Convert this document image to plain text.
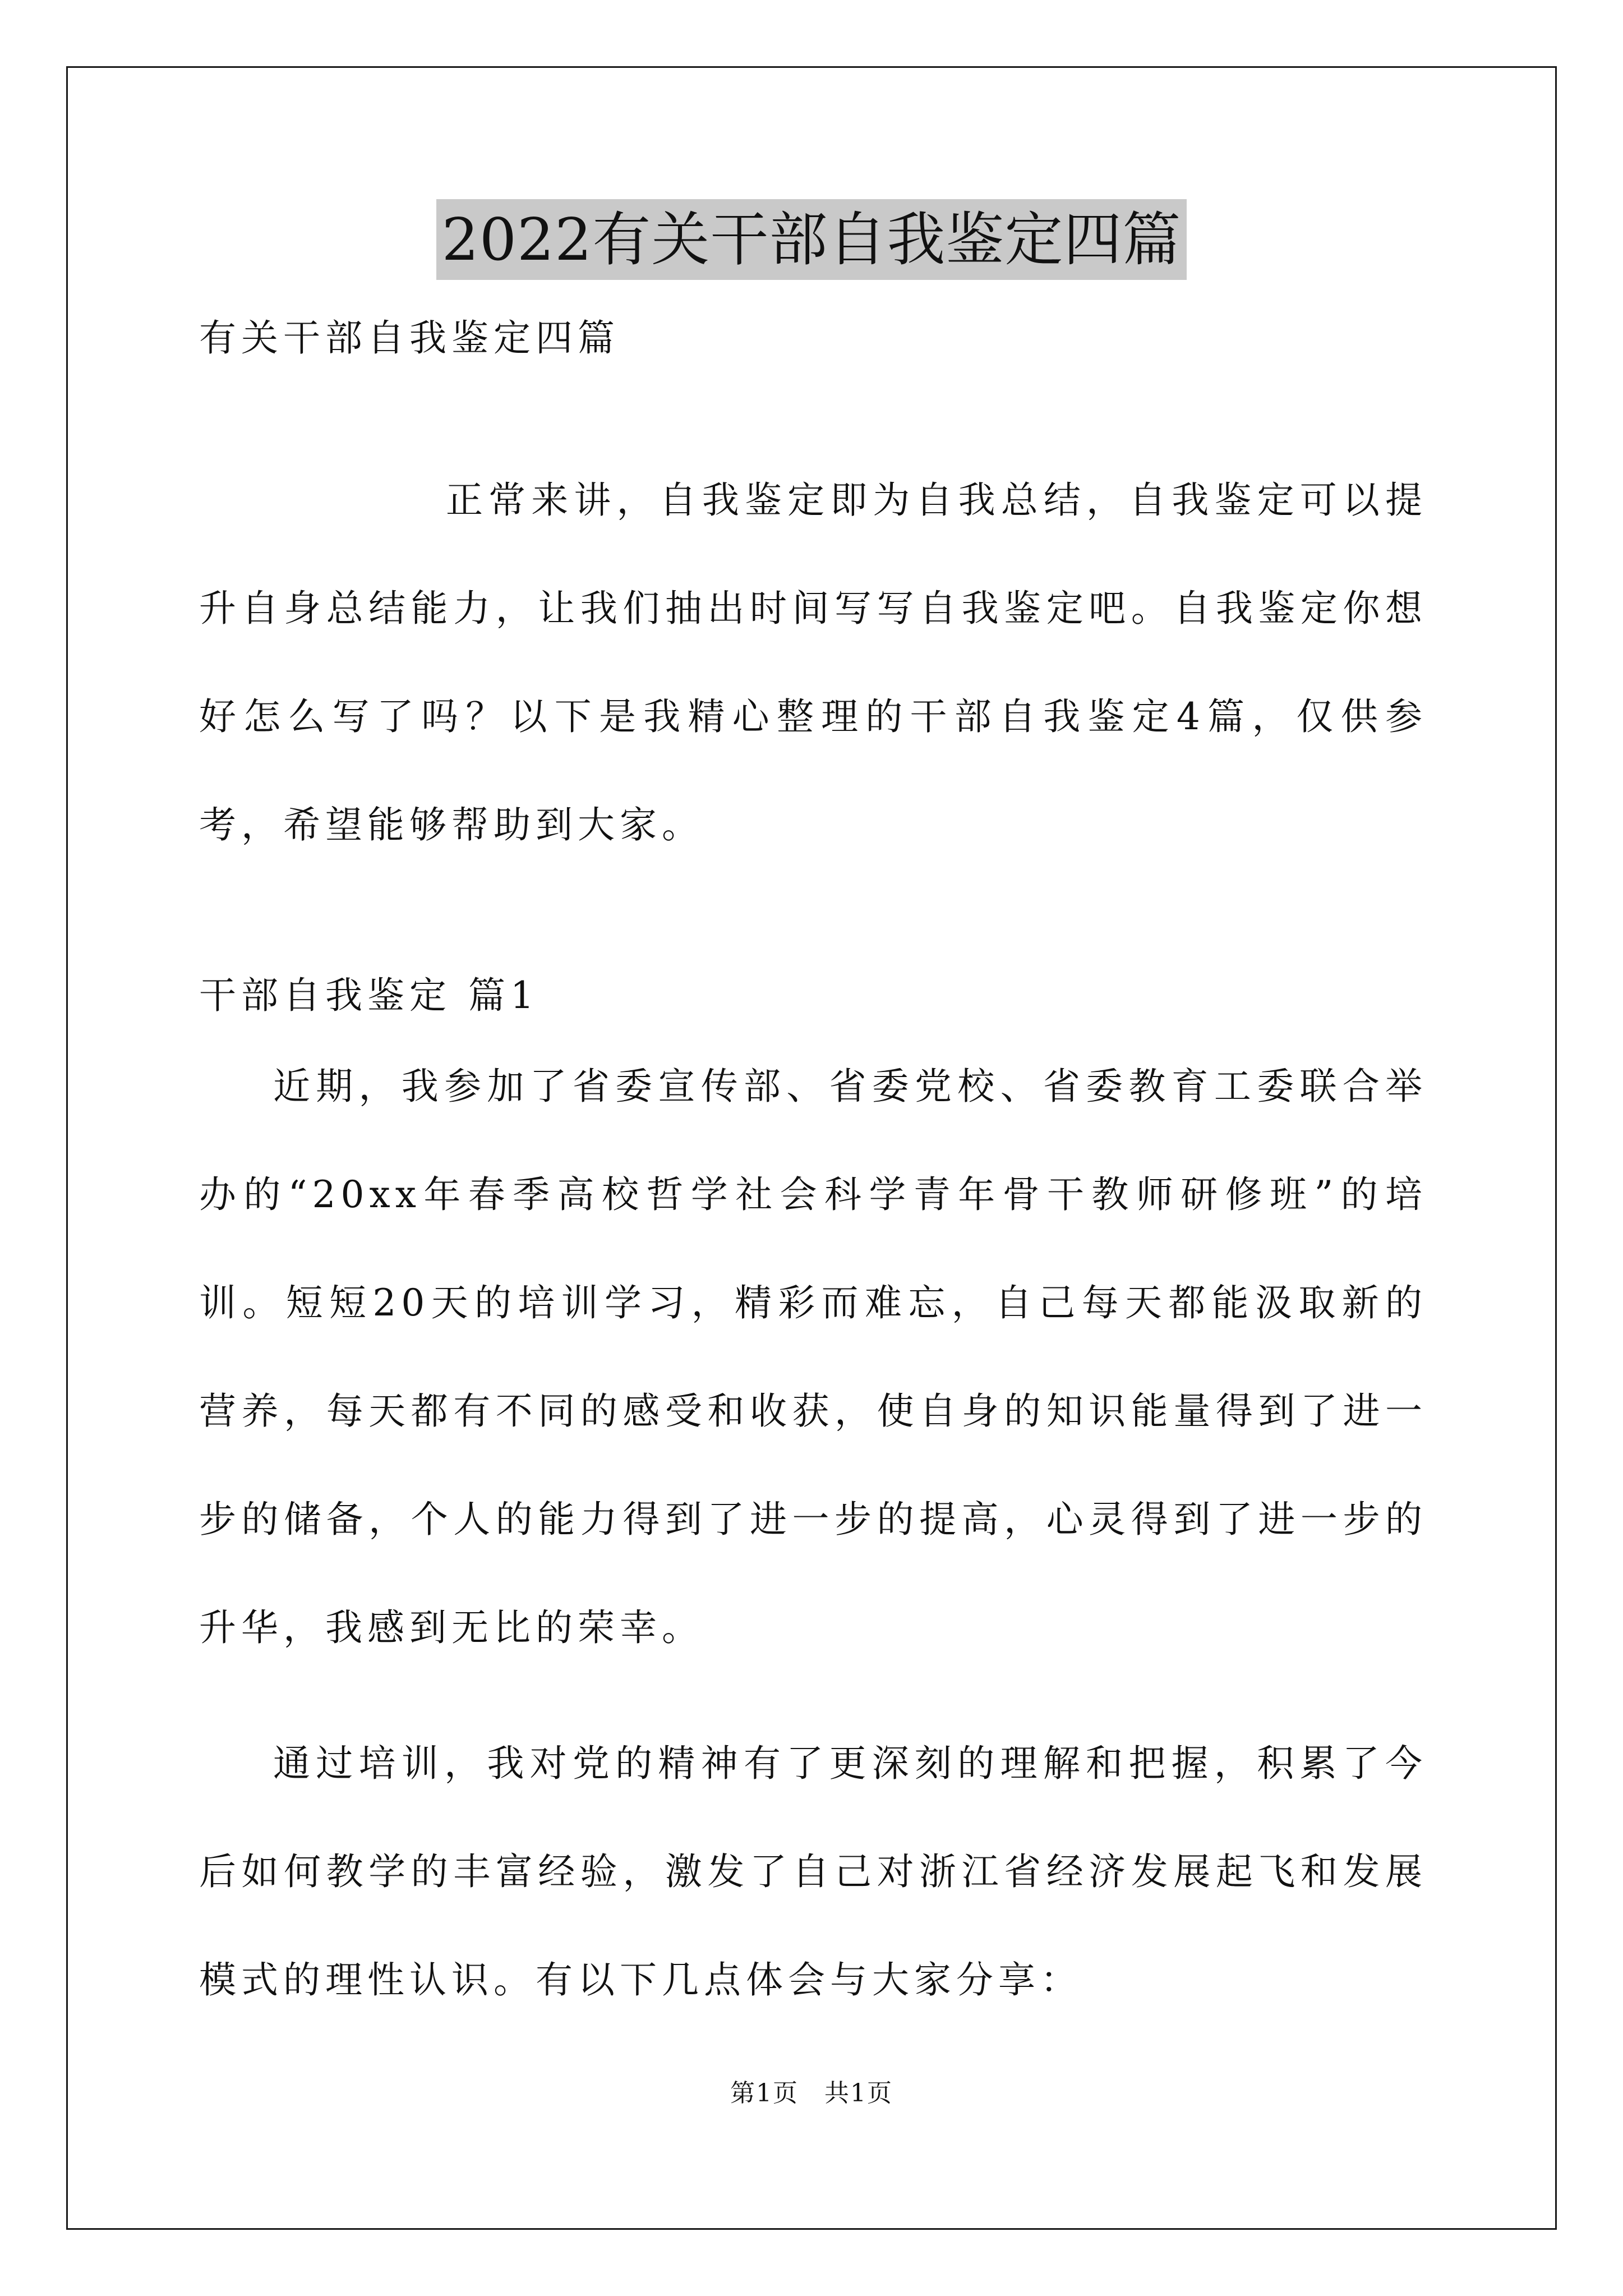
2022有关干部自我鉴定四篇
有关干部自我鉴定四篇
正常来讲，自我鉴定即为自我总结，自我鉴定可以提升自身总结能力，让我们抽出时间写写自我鉴定吧。自我鉴定你想好怎么写了吗？以下是我精心整理的干部自我鉴定4篇，仅供参考，希望能够帮助到大家。
干部自我鉴定 篇1
近期，我参加了省委宣传部、省委党校、省委教育工委联合举办的“20xx年春季高校哲学社会科学青年骨干教师研修班”的培训。短短20天的培训学习，精彩而难忘，自己每天都能汲取新的营养，每天都有不同的感受和收获，使自身的知识能量得到了进一步的储备，个人的能力得到了进一步的提高，心灵得到了进一步的升华，我感到无比的荣幸。
通过培训，我对党的精神有了更深刻的理解和把握，积累了今后如何教学的丰富经验，激发了自己对浙江省经济发展起飞和发展模式的理性认识。有以下几点体会与大家分享：
第1页　共1页
